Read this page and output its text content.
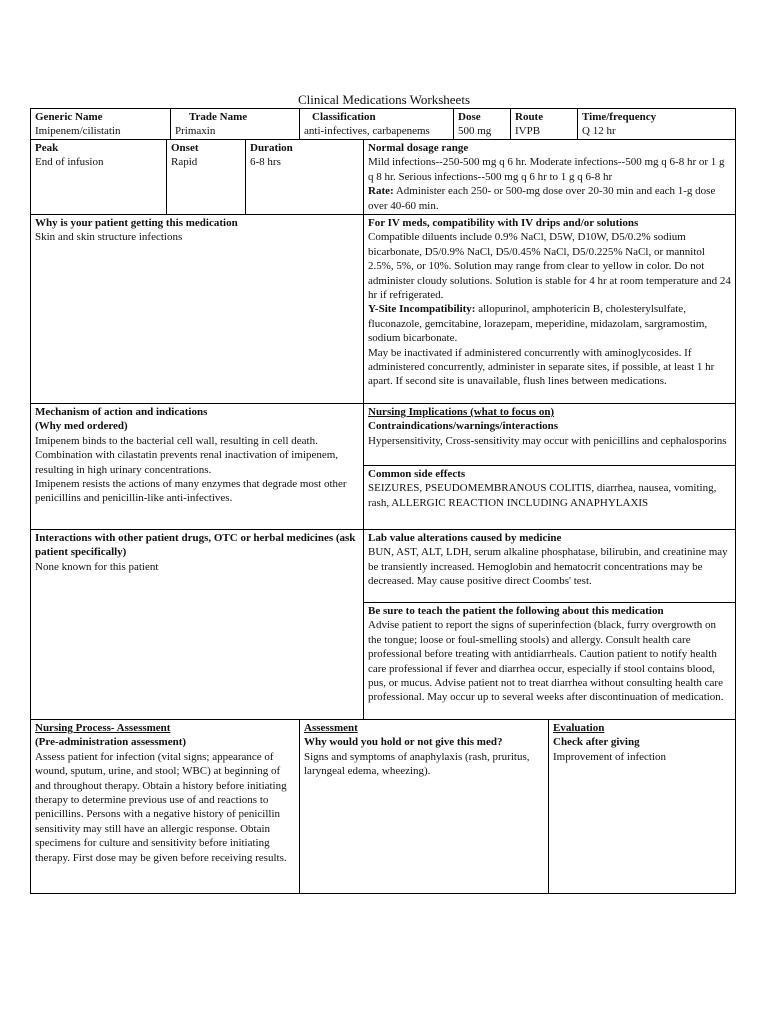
Clinical Medications Worksheets
Generic Name
Imipenem/cilistatin
Trade Name
Primaxin
Classification
anti-infectives, carbapenems
Dose
500 mg
Route
IVPB
Time/frequency
Q 12 hr
Peak
End of infusion
Onset
Rapid
Duration
6-8 hrs
Normal dosage range
Mild infections--250-500 mg q 6 hr. Moderate infections--500 mg q 6-8 hr or 1 g q 8 hr. Serious infections--500 mg q 6 hr to 1 g q 6-8 hr
Rate: Administer each 250- or 500-mg dose over 20-30 min and each 1-g dose over 40-60 min.
Why is your patient getting this medication
Skin and skin structure infections
For IV meds, compatibility with IV drips and/or solutions
Compatible diluents include 0.9% NaCl, D5W, D10W, D5/0.2% sodium bicarbonate, D5/0.9% NaCl, D5/0.45% NaCl, D5/0.225% NaCl, or mannitol 2.5%, 5%, or 10%. Solution may range from clear to yellow in color. Do not administer cloudy solutions. Solution is stable for 4 hr at room temperature and 24 hr if refrigerated.
Y-Site Incompatibility: allopurinol, amphotericin B, cholesterylsulfate, fluconazole, gemcitabine, lorazepam, meperidine, midazolam, sargramostim, sodium bicarbonate.
May be inactivated if administered concurrently with aminoglycosides. If administered concurrently, administer in separate sites, if possible, at least 1 hr apart. If second site is unavailable, flush lines between medications.
Mechanism of action and indications
(Why med ordered)
Imipenem binds to the bacterial cell wall, resulting in cell death. Combination with cilastatin prevents renal inactivation of imipenem, resulting in high urinary concentrations.
Imipenem resists the actions of many enzymes that degrade most other penicillins and penicillin-like anti-infectives.
Nursing Implications (what to focus on)
Contraindications/warnings/interactions
Hypersensitivity, Cross-sensitivity may occur with penicillins and cephalosporins
Common side effects
SEIZURES, PSEUDOMEMBRANOUS COLITIS, diarrhea, nausea, vomiting, rash, ALLERGIC REACTION INCLUDING ANAPHYLAXIS
Interactions with other patient drugs, OTC or herbal medicines (ask patient specifically)
None known for this patient
Lab value alterations caused by medicine
BUN, AST, ALT, LDH, serum alkaline phosphatase, bilirubin, and creatinine may be transiently increased. Hemoglobin and hematocrit concentrations may be decreased. May cause positive direct Coombs' test.
Be sure to teach the patient the following about this medication
Advise patient to report the signs of superinfection (black, furry overgrowth on the tongue; loose or foul-smelling stools) and allergy. Consult health care professional before treating with antidiarrheals. Caution patient to notify health care professional if fever and diarrhea occur, especially if stool contains blood, pus, or mucus. Advise patient not to treat diarrhea without consulting health care professional. May occur up to several weeks after discontinuation of medication.
Nursing Process- Assessment
(Pre-administration assessment)
Assess patient for infection (vital signs; appearance of wound, sputum, urine, and stool; WBC) at beginning of and throughout therapy. Obtain a history before initiating therapy to determine previous use of and reactions to penicillins. Persons with a negative history of penicillin sensitivity may still have an allergic response. Obtain specimens for culture and sensitivity before initiating therapy. First dose may be given before receiving results.
Assessment
Why would you hold or not give this med?
Signs and symptoms of anaphylaxis (rash, pruritus, laryngeal edema, wheezing).
Evaluation
Check after giving
Improvement of infection
